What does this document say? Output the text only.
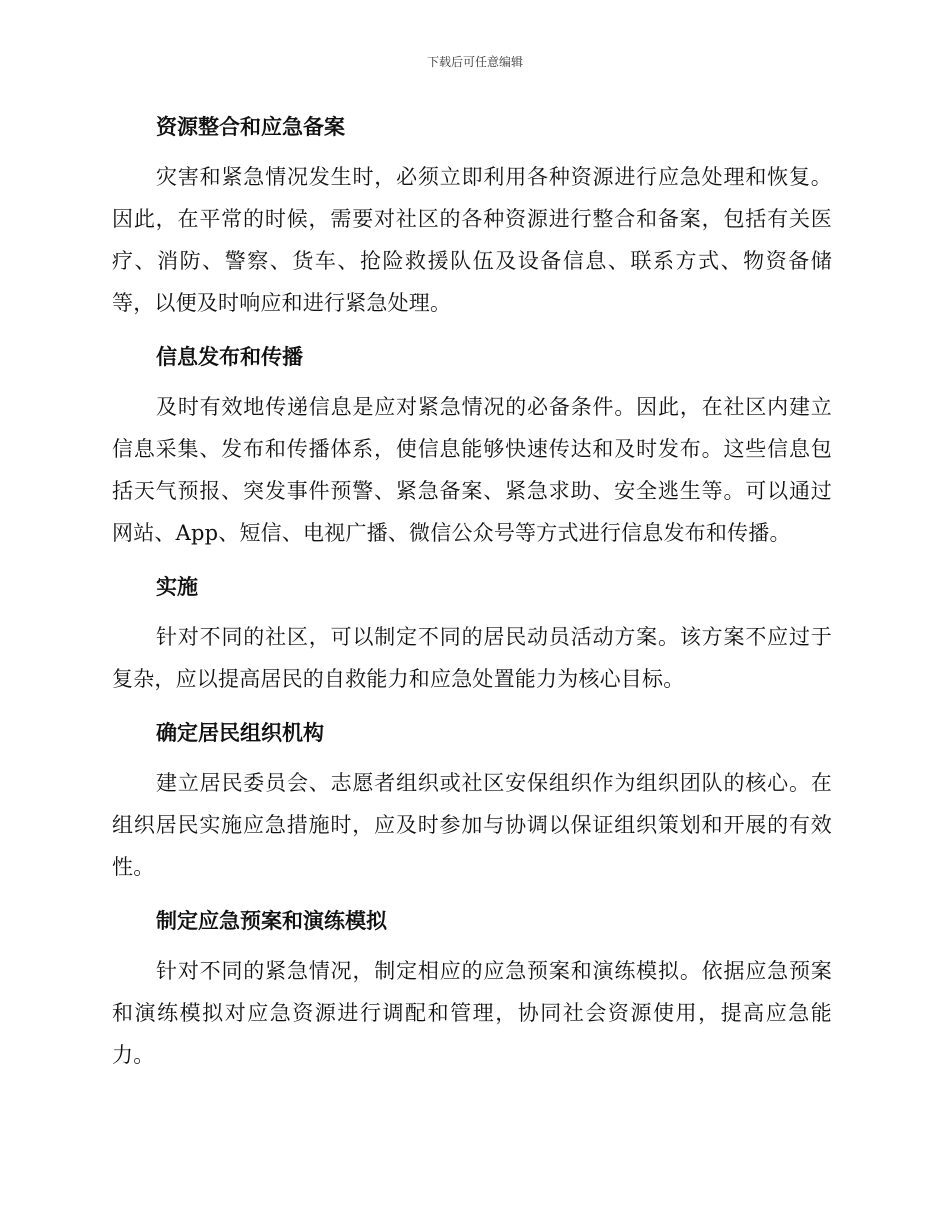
下载后可任意编辑
资源整合和应急备案

灾害和紧急情况发生时，必须立即利用各种资源进行应急处理和恢复。因此，在平常的时候，需要对社区的各种资源进行整合和备案，包括有关医疗、消防、警察、货车、抢险救援队伍及设备信息、联系方式、物资备储等，以便及时响应和进行紧急处理。

信息发布和传播

及时有效地传递信息是应对紧急情况的必备条件。因此，在社区内建立信息采集、发布和传播体系，使信息能够快速传达和及时发布。这些信息包括天气预报、突发事件预警、紧急备案、紧急求助、安全逃生等。可以通过网站、App、短信、电视广播、微信公众号等方式进行信息发布和传播。

实施

针对不同的社区，可以制定不同的居民动员活动方案。该方案不应过于复杂，应以提高居民的自救能力和应急处置能力为核心目标。

确定居民组织机构

建立居民委员会、志愿者组织或社区安保组织作为组织团队的核心。在组织居民实施应急措施时，应及时参加与协调以保证组织策划和开展的有效性。

制定应急预案和演练模拟

针对不同的紧急情况，制定相应的应急预案和演练模拟。依据应急预案和演练模拟对应急资源进行调配和管理，协同社会资源使用，提高应急能力。
